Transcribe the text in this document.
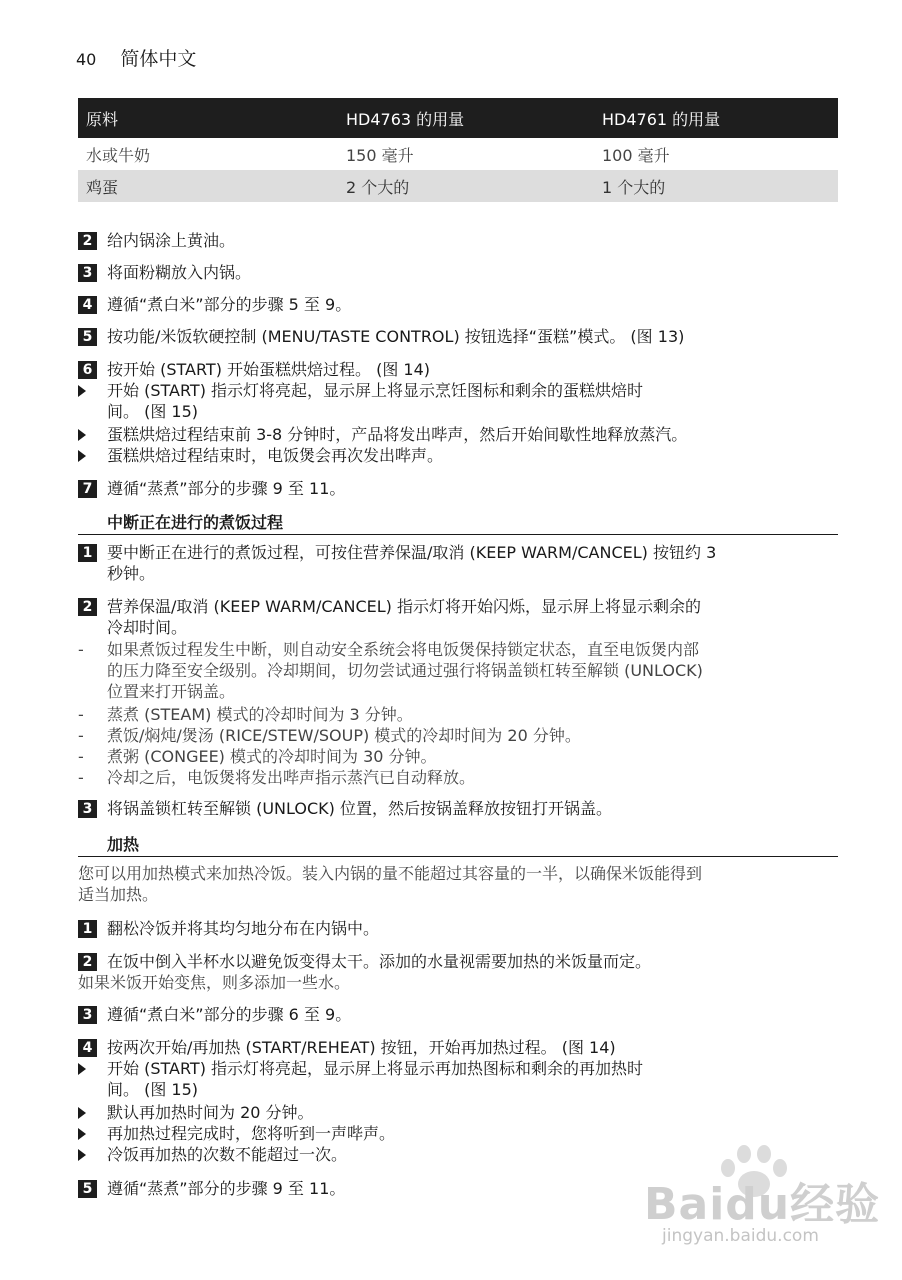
40 简体中文
原料	HD4763 的用量	HD4761 的用量
水或牛奶	150 毫升	100 毫升
鸡蛋	2 个大的	1 个大的
2 给内锅涂上黄油。
3 将面粉糊放入内锅。
4 遵循“煮白米”部分的步骤 5 至 9。
5 按功能/米饭软硬控制 (MENU/TASTE CONTROL) 按钮选择“蛋糕”模式。 (图 13)
6 按开始 (START) 开始蛋糕烘焙过程。 (图 14)
开始 (START) 指示灯将亮起，显示屏上将显示烹饪图标和剩余的蛋糕烘焙时
间。 (图 15)
蛋糕烘焙过程结束前 3-8 分钟时，产品将发出哔声，然后开始间歇性地释放蒸汽。
蛋糕烘焙过程结束时，电饭煲会再次发出哔声。
7 遵循“蒸煮”部分的步骤 9 至 11。
中断正在进行的煮饭过程
1 要中断正在进行的煮饭过程，可按住营养保温/取消 (KEEP WARM/CANCEL) 按钮约 3
秒钟。
2 营养保温/取消 (KEEP WARM/CANCEL) 指示灯将开始闪烁，显示屏上将显示剩余的
冷却时间。
- 如果煮饭过程发生中断，则自动安全系统会将电饭煲保持锁定状态，直至电饭煲内部
的压力降至安全级别。冷却期间，切勿尝试通过强行将锅盖锁杠转至解锁 (UNLOCK)
位置来打开锅盖。
- 蒸煮 (STEAM) 模式的冷却时间为 3 分钟。
- 煮饭/焖炖/煲汤 (RICE/STEW/SOUP) 模式的冷却时间为 20 分钟。
- 煮粥 (CONGEE) 模式的冷却时间为 30 分钟。
- 冷却之后，电饭煲将发出哔声指示蒸汽已自动释放。
3 将锅盖锁杠转至解锁 (UNLOCK) 位置，然后按锅盖释放按钮打开锅盖。
加热
您可以用加热模式来加热冷饭。装入内锅的量不能超过其容量的一半，以确保米饭能得到
适当加热。
1 翻松冷饭并将其均匀地分布在内锅中。
2 在饭中倒入半杯水以避免饭变得太干。添加的水量视需要加热的米饭量而定。
如果米饭开始变焦，则多添加一些水。
3 遵循“煮白米”部分的步骤 6 至 9。
4 按两次开始/再加热 (START/REHEAT) 按钮，开始再加热过程。 (图 14)
开始 (START) 指示灯将亮起，显示屏上将显示再加热图标和剩余的再加热时
间。 (图 15)
默认再加热时间为 20 分钟。
再加热过程完成时，您将听到一声哔声。
冷饭再加热的次数不能超过一次。
5 遵循“蒸煮”部分的步骤 9 至 11。	Baidu经验
jingyan.baidu.com
